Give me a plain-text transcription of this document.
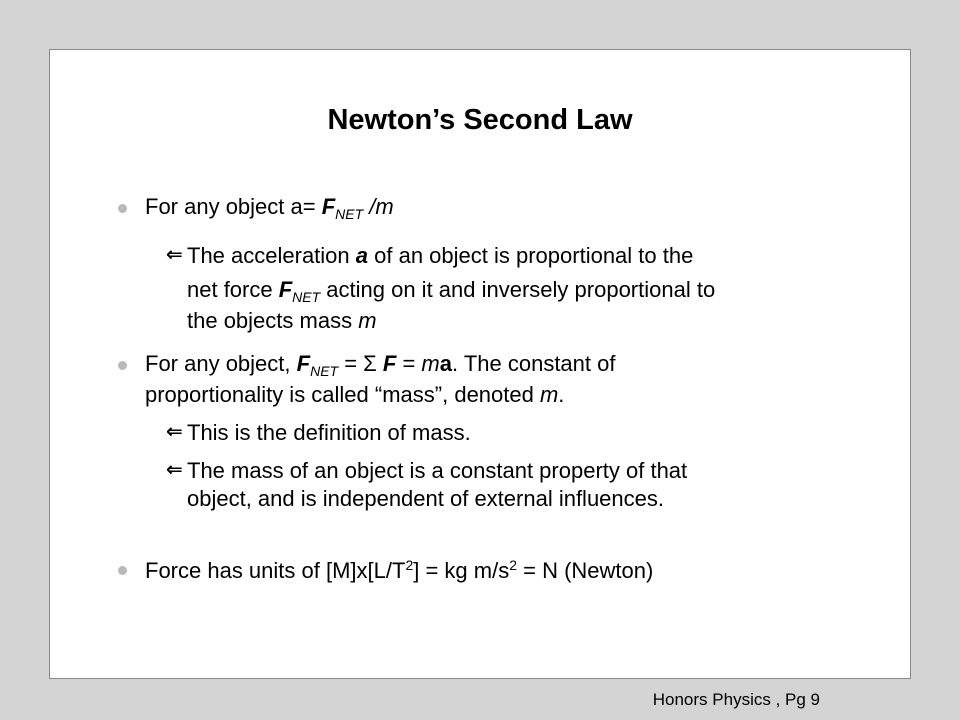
Newton’s Second Law
For any object $a= F_{NET}$ /m
⇐ The acceleration a of an object is proportional to the
net force $F_{NET}$ acting on it and inversely proportional to
the objects mass m
For any object, $F_{NET} = \Sigma$ F = ma. The constant of
proportionality is called “mass”, denoted m.
⇐ This is the definition of mass.
⇐ The mass of an object is a constant property of that
object, and is independent of external influences.
Force has units of $[M]x[L/T^2]$ = kg $m/s^2 = N$ (Newton)
Honors Physics , Pg 9
